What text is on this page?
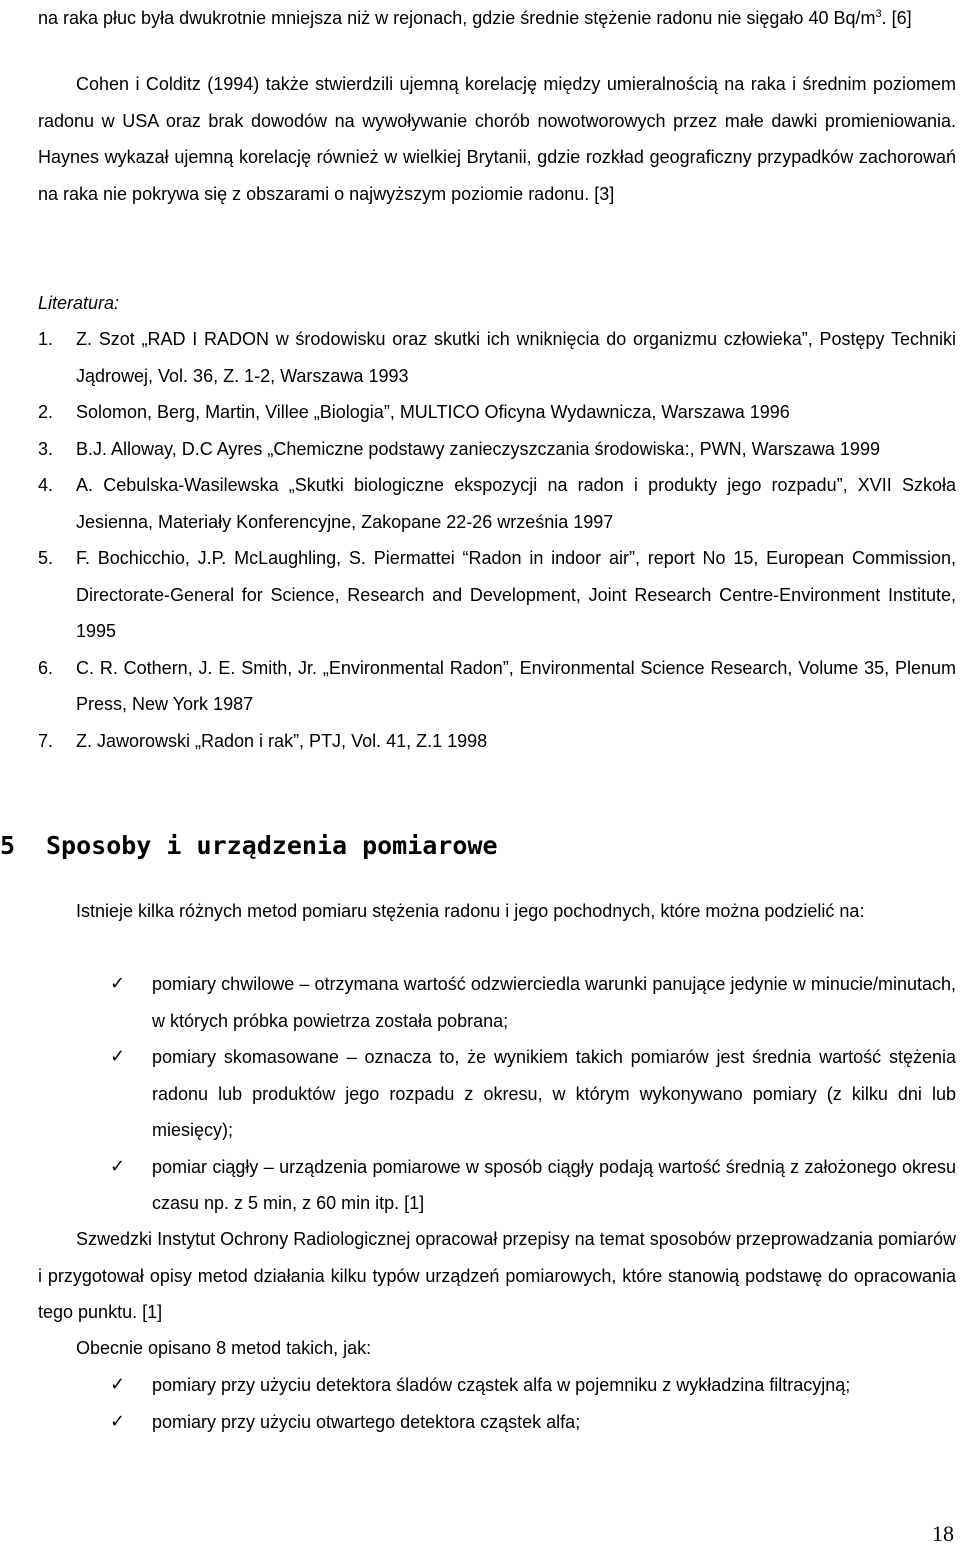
na raka płuc była dwukrotnie mniejsza niż w rejonach, gdzie średnie stężenie radonu nie sięgało 40 $Bq/m^3$. [6]

Cohen i Colditz (1994) także stwierdzili ujemną korelację między umieralnością na raka i średnim poziomem radonu w USA oraz brak dowodów na wywoływanie chorób nowotworowych przez małe dawki promieniowania. Haynes wykazał ujemną korelację również w wielkiej Brytanii, gdzie rozkład geograficzny przypadków zachorowań na raka nie pokrywa się z obszarami o najwyższym poziomie radonu. [3]

Literatura:

1. Z. Szot „RAD I RADON w środowisku oraz skutki ich wniknięcia do organizmu człowieka”, Postępy Techniki Jądrowej, Vol. 36, Z. 1-2, Warszawa 1993
2. Solomon, Berg, Martin, Villee „Biologia”, MULTICO Oficyna Wydawnicza, Warszawa 1996
3. B.J. Alloway, D.C Ayres „Chemiczne podstawy zanieczyszczania środowiska:, PWN, Warszawa 1999
4. A. Cebulska-Wasilewska „Skutki biologiczne ekspozycji na radon i produkty jego rozpadu”, XVII Szkoła Jesienna, Materiały Konferencyjne, Zakopane 22-26 września 1997
5. F. Bochicchio, J.P. McLaughling, S. Piermattei “Radon in indoor air”, report No 15, European Commission, Directorate-General for Science, Research and Development, Joint Research Centre-Environment Institute, 1995
6. C. R. Cothern, J. E. Smith, Jr. „Environmental Radon”, Environmental Science Research, Volume 35, Plenum Press, New York 1987
7. Z. Jaworowski „Radon i rak”, PTJ, Vol. 41, Z.1 1998
5 Sposoby i urządzenia pomiarowe

Istnieje kilka różnych metod pomiaru stężenia radonu i jego pochodnych, które można podzielić na:

✓ pomiary chwilowe – otrzymana wartość odzwierciedla warunki panujące jedynie w minucie/minutach, w których próbka powietrza została pobrana;
✓ pomiary skomasowane – oznacza to, że wynikiem takich pomiarów jest średnia wartość stężenia radonu lub produktów jego rozpadu z okresu, w którym wykonywano pomiary (z kilku dni lub miesięcy);
✓ pomiar ciągły – urządzenia pomiarowe w sposób ciągły podają wartość średnią z założonego okresu czasu np. z 5 min, z 60 min itp. [1]

Szwedzki Instytut Ochrony Radiologicznej opracował przepisy na temat sposobów przeprowadzania pomiarów i przygotował opisy metod działania kilku typów urządzeń pomiarowych, które stanowią podstawę do opracowania tego punktu. [1]

Obecnie opisano 8 metod takich, jak:

✓ pomiary przy użyciu detektora śladów cząstek alfa w pojemniku z wykładzina filtracyjną;
✓ pomiary przy użyciu otwartego detektora cząstek alfa;

18
